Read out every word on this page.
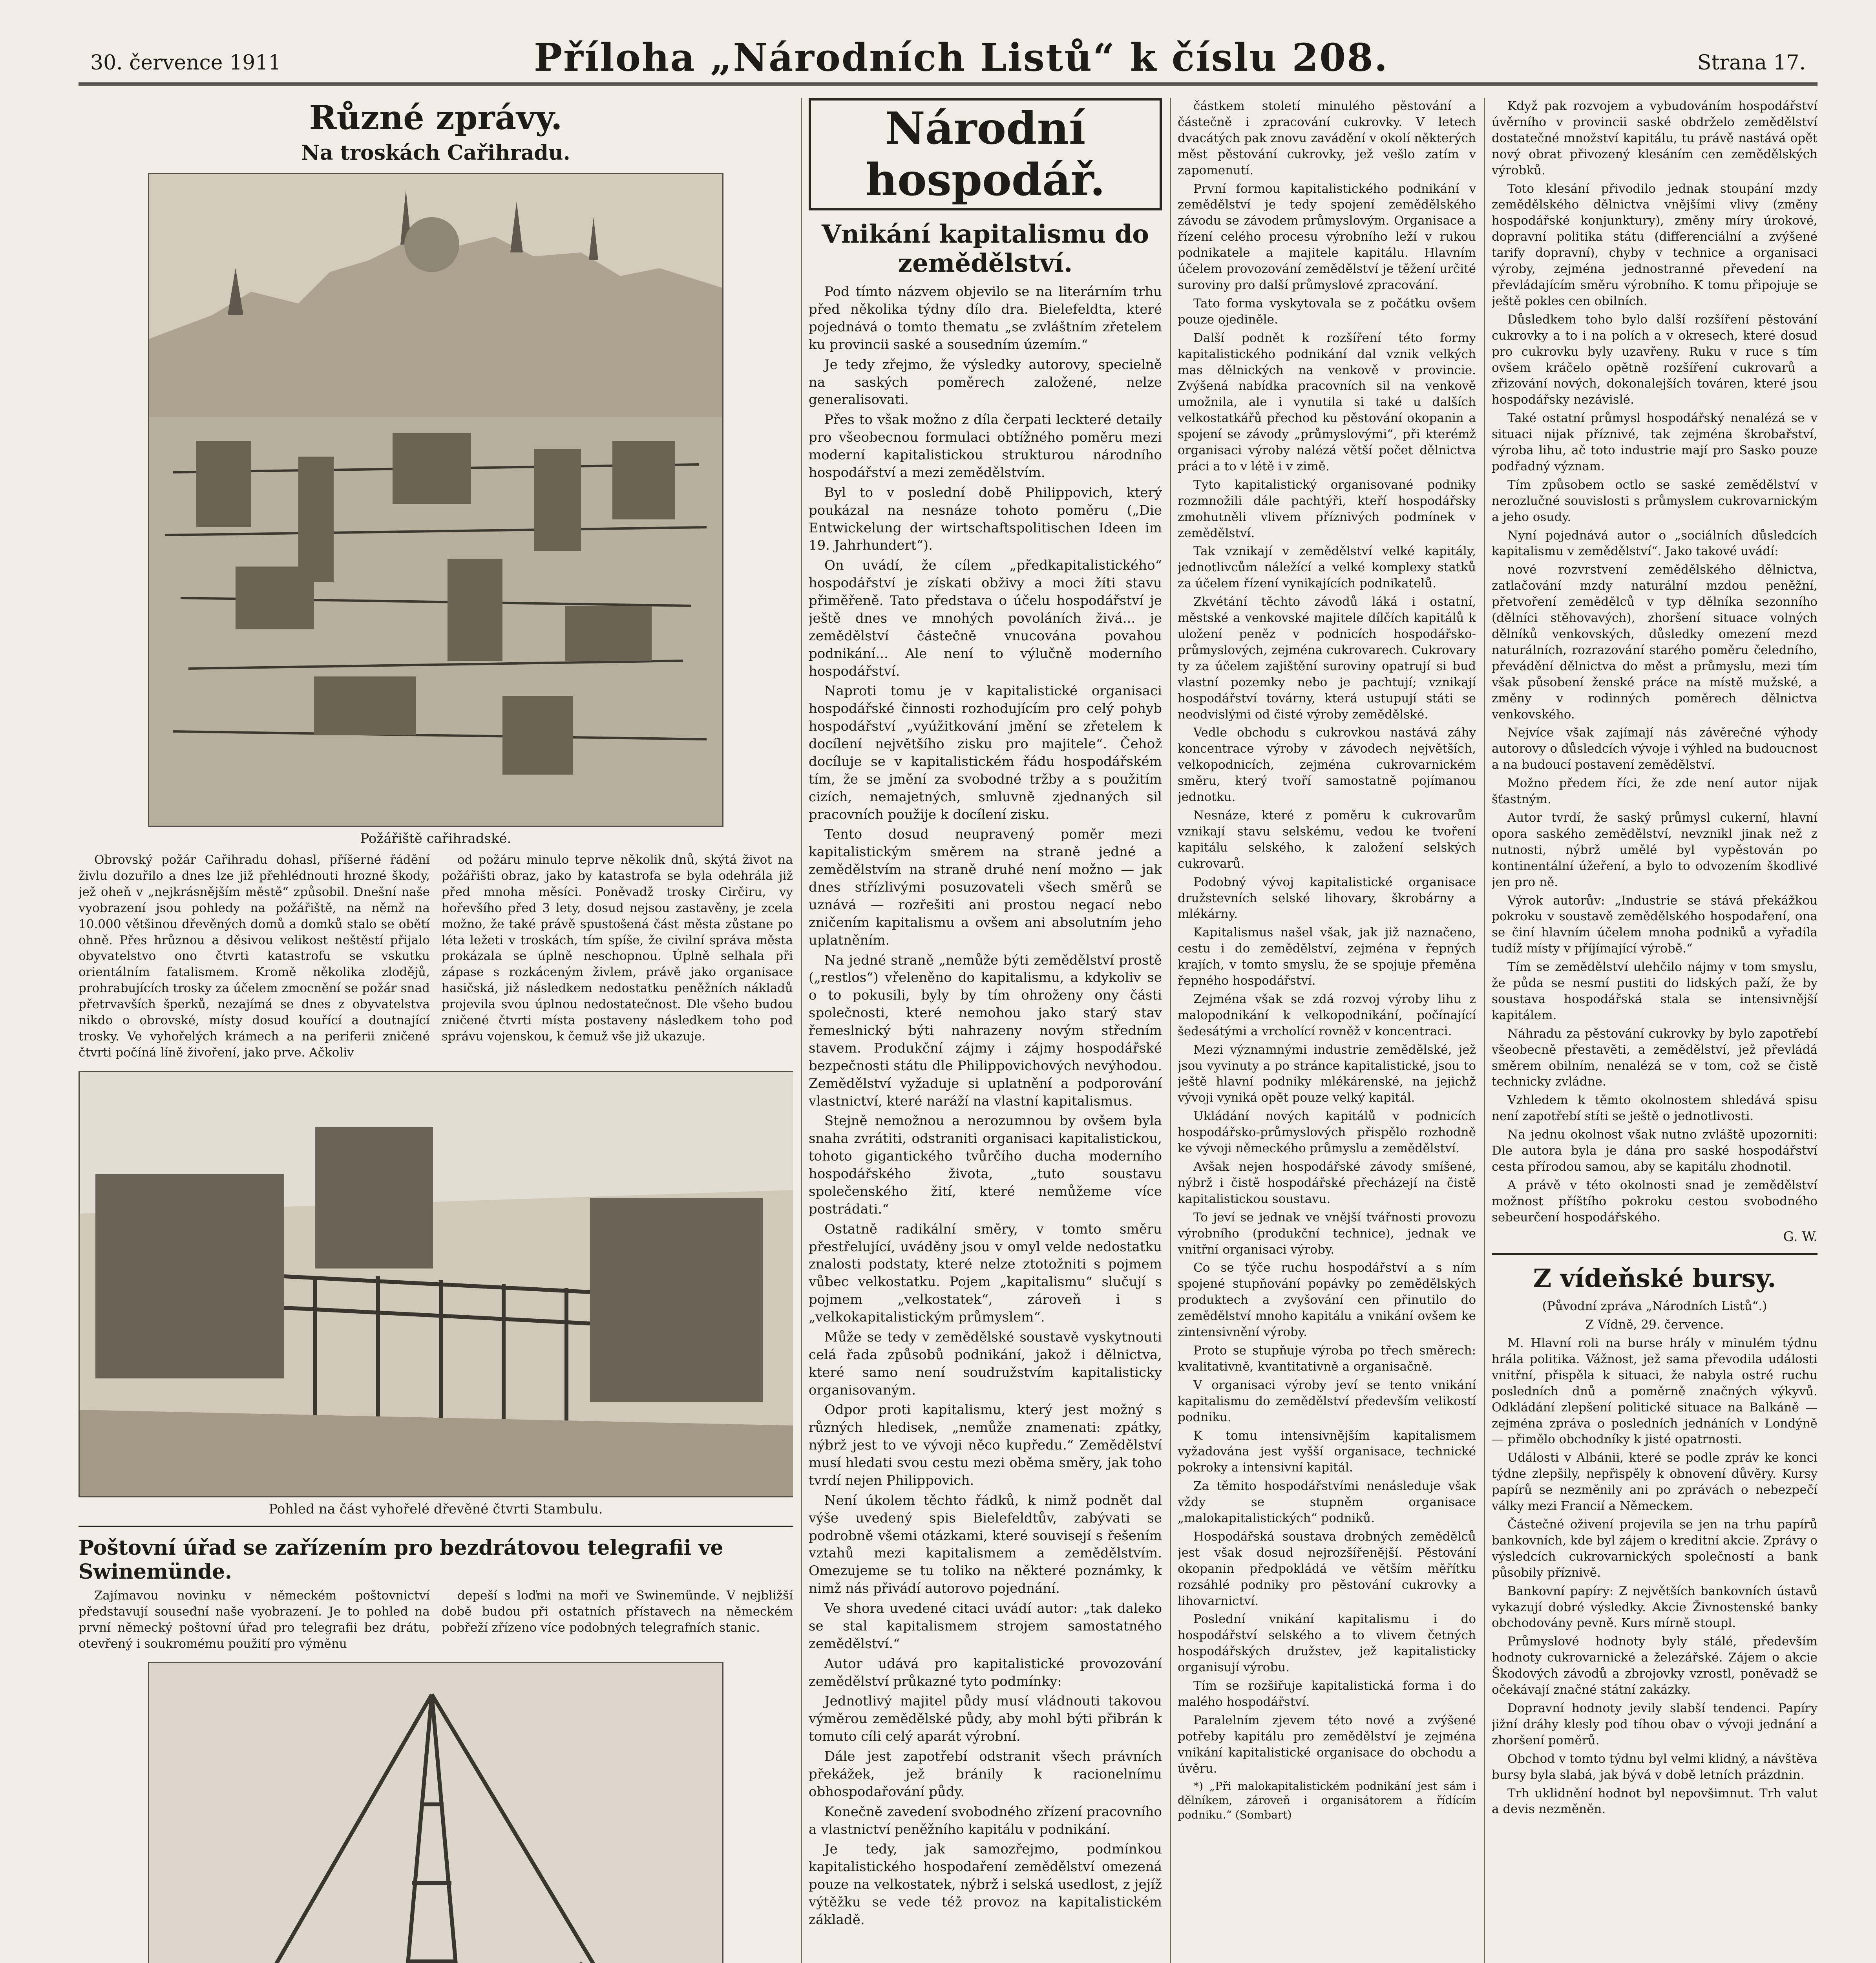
30. července 1911	Příloha „Národních Listů“ k číslu 208.	Strana 17.
Různé zprávy.
Na troskách Cařihradu.
Požářiště cařihradské.

Obrovský požár Cařihradu dohasl, příšerné řádění živlu dozuřilo a dnes lze již přehlédnouti hrozné škody, jež oheň v „nejkrásnějším městě“ způsobil. Dnešní naše vyobrazení jsou pohledy na požářiště, na němž na 10.000 většinou dřevěných domů a domků stalo se obětí ohně. Přes hrůznou a děsivou velikost neštěstí přijalo obyvatelstvo ono čtvrti katastrofu se vskutku orientálním fatalismem. Kromě několika zlodějů, prohrabujících trosky za účelem zmocnění se požár snad přetrvavších šperků, nezajímá se dnes z obyvatelstva nikdo o obrovské, místy dosud kouřící a doutnající trosky. Ve vyhořelých krámech a na periferii zničené čtvrti počíná líně živoření, jako prve. Ačkoliv

od požáru minulo teprve několik dnů, skýtá život na požářišti obraz, jako by katastrofa se byla odehrála již před mnoha měsíci. Poněvadž trosky Cirčiru, vy hořevšího před 3 lety, dosud nejsou zastavěny, je zcela možno, že také právě spustošená část města zůstane po léta ležeti v troskách, tím spíše, že civilní správa města prokázala se úplně neschopnou. Úplně selhala při zápase s rozkáceným živlem, právě jako organisace hasičská, již následkem nedostatku peněžních nákladů projevila svou úplnou nedostatečnost. Dle všeho budou zničené čtvrti místa postaveny následkem toho pod správu vojenskou, k čemuž vše již ukazuje.

Pohled na část vyhořelé dřevěné čtvrti Stambulu.
Poštovní úřad se zařízením pro bezdrátovou telegrafii ve Swinemünde.

Zajímavou novinku v německém poštovnictví představují souseđní naše vyobrazení. Je to pohled na první německý poštovní úřad pro telegrafii bez drátu, otevřený i soukromému použití pro výměnu

depeší s loďmi na moři ve Swinemünde. V nejbližší době budou při ostatních přístavech na německém pobřeží zřízeno více podobných telegrafních stanic.

Národní hospodář.
Vnikání kapitalismu do zemědělství.

Pod tímto názvem objevilo se na literárním trhu před několika týdny dílo dra. Bielefeldta, které pojednává o tomto thematu „se zvláštním zřetelem ku provincii saské a sousedním územím.“

Je tedy zřejmo, že výsledky autorovy, specielně na saských poměrech založené, nelze generalisovati.

Přes to však možno z díla čerpati leckteré detaily pro všeobecnou formulaci obtížného poměru mezi moderní kapitalistickou strukturou národního hospodářství a mezi zemědělstvím.

Byl to v poslední době Philippovich, který poukázal na nesnáze tohoto poměru („Die Entwickelung der wirtschaftspolitischen Ideen im 19. Jahrhundert“).

On uvádí, že cílem „předkapitalistického“ hospodářství je získati obživy a moci žíti stavu přiměřeně. Tato představa o účelu hospodářství je ještě dnes ve mnohých povoláních živá... je zemědělství částečně vnucována povahou podnikání... Ale není to výlučně moderního hospodářství.

Naproti tomu je v kapitalistické organisaci hospodářské činnosti rozhodujícím pro celý pohyb hospodářství „vyúžitkování jmění se zřetelem k docílení největšího zisku pro majitele“. Čehož docíluje se v kapitalistickém řádu hospodářském tím, že se jmění za svobodné tržby a s použitím cizích, nemajetných, smluvně zjednaných sil pracovních použije k docílení zisku.

Tento dosud neupravený poměr mezi kapitalistickým směrem na straně jedné a zemědělstvím na straně druhé není možno — jak dnes střízlivými posuzovateli všech směrů se uznává — rozřešiti ani prostou negací nebo zničením kapitalismu a ovšem ani absolutním jeho uplatněním.

Na jedné straně „nemůže býti zemědělství prostě („restlos“) vřeleněno do kapitalismu, a kdykoliv se o to pokusili, byly by tím ohroženy ony části společnosti, které nemohou jako starý stav řemeslnický býti nahrazeny novým středním stavem. Produkční zájmy i zájmy hospodářské bezpečnosti státu dle Philippovichových nevýhodou. Zemědělství vyžaduje si uplatnění a podporování vlastnictví, které naráží na vlastní kapitalismus.

Stejně nemožnou a nerozumnou by ovšem byla snaha zvrátiti, odstraniti organisaci kapitalistickou, tohoto gigantického tvůrčího ducha moderního hospodářského života, „tuto soustavu společenského žití, které nemůžeme více postrádati.“

Ostatně radikální směry, v tomto směru přestřelující, uváděny jsou v omyl velde nedostatku znalosti podstaty, které nelze ztotožniti s pojmem vůbec velkostatku. Pojem „kapitalismu“ slučují s pojmem „velkostatek“, zároveň i s „velkokapitalistickým průmyslem“.

Může se tedy v zemědělské soustavě vyskytnouti celá řada způsobů podnikání, jakož i dělnictva, které samo není soudružstvím kapitalisticky organisovaným.

Odpor proti kapitalismu, který jest možný s různých hledisek, „nemůže znamenati: zpátky, nýbrž jest to ve vývoji něco kupředu.“ Zemědělství musí hledati svou cestu mezi oběma směry, jak toho tvrdí nejen Philippovich.

Není úkolem těchto řádků, k nimž podnět dal výše uvedený spis Bielefeldtův, zabývati se podrobně všemi otázkami, které souvisejí s řešením vztahů mezi kapitalismem a zemědělstvím. Omezujeme se tu toliko na některé poznámky, k nimž nás přivádí autorovo pojednání.

Ve shora uvedené citaci uvádí autor: „tak daleko se stal kapitalismem strojem samostatného zemědělství.“

Autor udává pro kapitalistické provozování zemědělství průkazné tyto podmínky:

Jednotlivý majitel půdy musí vládnouti takovou výměrou zemědělské půdy, aby mohl býti přibrán k tomuto cíli celý aparát výrobní.

Dále jest zapotřebí odstranit všech právních překážek, jež bránily k racionelnímu obhospodařování půdy.

Konečně zavedení svobodného zřízení pracovního a vlastnictví peněžního kapitálu v podnikání.

Je tedy, jak samozřejmo, podmínkou kapitalistického hospodaření zemědělství omezená pouze na velkostatek, nýbrž i selská usedlost, z jejíž výtěžku se vede též provoz na kapitalistickém základě.

částkem století minulého pěstování a částečně i zpracování cukrovky. V letech dvacátých pak znovu zavádění v okolí některých měst pěstování cukrovky, jež vešlo zatím v zapomenutí.

První formou kapitalistického podnikání v zemědělství je tedy spojení zemědělského závodu se závodem průmyslovým. Organisace a řízení celého procesu výrobního leží v rukou podnikatele a majitele kapitálu. Hlavním účelem provozování zemědělství je těžení určité suroviny pro další průmyslové zpracování.

Tato forma vyskytovala se z počátku ovšem pouze ojediněle.

Další podnět k rozšíření této formy kapitalistického podnikání dal vznik velkých mas dělnických na venkově v provincie. Zvýšená nabídka pracovních sil na venkově umožnila, ale i vynutila si také u dalších velkostatkářů přechod ku pěstování okopanin a spojení se závody „průmyslovými“, při kterémž organisaci výroby nalézá větší počet dělnictva práci a to v létě i v zimě.

Tyto kapitalistický organisované podniky rozmnožili dále pachtýři, kteří hospodářsky zmohutněli vlivem příznivých podmínek v zemědělství.

Tak vznikají v zemědělství velké kapitály, jednotlivcům náležící a velké komplexy statků za účelem řízení vynikajících podnikatelů.

Zkvétání těchto závodů láká i ostatní, městské a venkovské majitele dílčích kapitálů k uložení peněz v podnicích hospodářsko-průmyslových, zejména cukrovarech. Cukrovary ty za účelem zajištění suroviny opatrují si buď vlastní pozemky nebo je pachtují; vznikají hospodářství továrny, která ustupují státi se neodvislými od čisté výroby zemědělské.

Vedle obchodu s cukrovkou nastává záhy koncentrace výroby v závodech největších, velkopodnicích, zejména cukrovarnickém směru, který tvoří samostatně pojímanou jednotku.

Nesnáze, které z poměru k cukrovarům vznikají stavu selskému, vedou ke tvoření kapitálu selského, k založení selských cukrovarů.

Podobný vývoj kapitalistické organisace družstevních selské lihovary, škrobárny a mlékárny.

Kapitalismus našel však, jak již naznačeno, cestu i do zemědělství, zejména v řepných krajích, v tomto smyslu, že se spojuje přeměna řepného hospodářství.

Zejména však se zdá rozvoj výroby lihu z malopodnikání k velkopodnikání, počínající šedesátými a vrcholící rovněž v koncentraci.

Mezi významnými industrie zemědělské, jež jsou vyvinuty a po stránce kapitalistické, jsou to ještě hlavní podniky mlékárenské, na jejichž vývoji vyniká opět pouze velký kapitál.

Ukládání nových kapitálů v podnicích hospodářsko-průmyslových přispělo rozhodně ke vývoji německého průmyslu a zemědělství.

Avšak nejen hospodářské závody smíšené, nýbrž i čistě hospodářské přecházejí na čistě kapitalistickou soustavu.

To jeví se jednak ve vnější tvářnosti provozu výrobního (produkční technice), jednak ve vnitřní organisaci výroby.

Co se týče ruchu hospodářství a s ním spojené stupňování popávky po zemědělských produktech a zvyšování cen přinutilo do zemědělství mnoho kapitálu a vnikání ovšem ke zintensivnění výroby.

Proto se stupňuje výroba po třech směrech: kvalitativně, kvantitativně a organisačně.

V organisaci výroby jeví se tento vnikání kapitalismu do zemědělství především velikostí podniku.

K tomu intensivnějším kapitalismem vyžadována jest vyšší organisace, technické pokroky a intensivní kapitál.

Za těmito hospodářstvími nenásleduje však vždy se stupněm organisace „malokapitalistických“ podniků.

Hospodářská soustava drobných zemědělců jest však dosud nejrozšířenější. Pěstování okopanin předpokládá ve větším měřítku rozsáhlé podniky pro pěstování cukrovky a lihovarnictví.

Poslední vnikání kapitalismu i do hospodářství selského a to vlivem četných hospodářských družstev, jež kapitalisticky organisují výrobu.

Tím se rozšiřuje kapitalistická forma i do malého hospodářství.

Paralelním zjevem této nové a zvýšené potřeby kapitálu pro zemědělství je zejména vnikání kapitalistické organisace do obchodu a úvěru.

*) „Při malokapitalistickém podnikání jest sám i dělníkem, zároveň i organisátorem a řídícím podniku.“ (Sombart)

Když pak rozvojem a vybudováním hospodářství úvěrního v provincii saské obdrželo zemědělství dostatečné množství kapitálu, tu právě nastává opět nový obrat přivozený klesáním cen zemědělských výrobků.

Toto klesání přivodilo jednak stoupání mzdy zemědělského dělnictva vnějšími vlivy (změny hospodářské konjunktury), změny míry úrokové, dopravní politika státu (differenciální a zvýšené tarify dopravní), chyby v technice a organisaci výroby, zejména jednostranné převedení na převládajícím směru výrobního. K tomu připojuje se ještě pokles cen obilních.

Důsledkem toho bylo další rozšíření pěstování cukrovky a to i na polích a v okresech, které dosud pro cukrovku byly uzavřeny. Ruku v ruce s tím ovšem kráčelo opětně rozšíření cukrovarů a zřizování nových, dokonalejších továren, které jsou hospodářsky nezávislé.

Také ostatní průmysl hospodářský nenalézá se v situaci nijak příznivé, tak zejména škrobařství, výroba lihu, ač toto industrie mají pro Sasko pouze podřadný význam.

Tím způsobem octlo se saské zemědělství v nerozlučné souvislosti s průmyslem cukrovarnickým a jeho osudy.

Nyní pojednává autor o „sociálních důsledcích kapitalismu v zemědělství“. Jako takové uvádí:

nové rozvrstvení zemědělského dělnictva, zatlačování mzdy naturální mzdou peněžní, přetvoření zemědělců v typ dělníka sezonního (dělníci stěhovavých), zhoršení situace volných dělníků venkovských, důsledky omezení mezd naturálních, rozrazování starého poměru čeledního, převádění dělnictva do měst a průmyslu, mezi tím však působení ženské práce na místě mužské, a změny v rodinných poměrech dělnictva venkovského.

Nejvíce však zajímají nás závěrečné výhody autorovy o důsledcích vývoje i výhled na budoucnost a na budoucí postavení zemědělství.

Možno předem říci, že zde není autor nijak šťastným.

Autor tvrdí, že saský průmysl cukerní, hlavní opora saského zemědělství, nevznikl jinak než z nutnosti, nýbrž umělé byl vypěstován po kontinentální úžeření, a bylo to odvozením škodlivé jen pro ně.

Výrok autorův: „Industrie se stává překážkou pokroku v soustavě zemědělského hospodaření, ona se činí hlavním účelem mnoha podniků a vyřadila tudíž místy v příjímající výrobě.“

Tím se zemědělství ulehčilo nájmy v tom smyslu, že půda se nesmí pustiti do lidských paží, že by soustava hospodářská stala se intensivnější kapitálem.

Náhradu za pěstování cukrovky by bylo zapotřebí všeobecně přestavěti, a zemědělství, jež převládá směrem obilním, nenalézá se v tom, což se čistě technicky zvládne.

Vzhledem k těmto okolnostem shledává spisu není zapotřebí stíti se ještě o jednotlivosti.

Na jednu okolnost však nutno zvláště upozorniti: Dle autora byla je dána pro saské hospodářství cesta přírodou samou, aby se kapitálu zhodnotil.

A právě v této okolnosti snad je zemědělství možnost příštího pokroku cestou svobodného sebeurčení hospodářského.

G. W.
Z vídeňské bursy.

(Původní zpráva „Národních Listů“.)

Z Vídně, 29. července.

M. Hlavní roli na burse hrály v minulém týdnu hrála politika. Vážnost, jež sama převodila události vnitřní, přispěla k situaci, že nabyla ostré ruchu posledních dnů a poměrně značných výkyvů. Odkládání zlepšení politické situace na Balkáně — zejména zpráva o posledních jednáních v Londýně — přimělo obchodníky k jisté opatrnosti.

Události v Albánii, které se podle zpráv ke konci týdne zlepšily, nepřispěly k obnovení důvěry. Kursy papírů se nezměnily ani po zprávách o nebezpečí války mezi Francií a Německem.

Částečné oživení projevila se jen na trhu papírů bankovních, kde byl zájem o kreditní akcie. Zprávy o výsledcích cukrovarnických společností a bank působily příznivě.

Bankovní papíry: Z největších bankovních ústavů vykazují dobré výsledky. Akcie Živnostenské banky obchodovány pevně. Kurs mírně stoupl.

Průmyslové hodnoty byly stálé, především hodnoty cukrovarnické a železářské. Zájem o akcie Škodových závodů a zbrojovky vzrostl, poněvadž se očekávají značné státní zakázky.

Dopravní hodnoty jevily slabší tendenci. Papíry jižní dráhy klesly pod tíhou obav o vývoji jednání a zhoršení poměrů.

Obchod v tomto týdnu byl velmi klidný, a návštěva bursy byla slabá, jak bývá v době letních prázdnin.

Trh uklidnění hodnot byl nepovšimnut. Trh valut a devis nezměněn.
